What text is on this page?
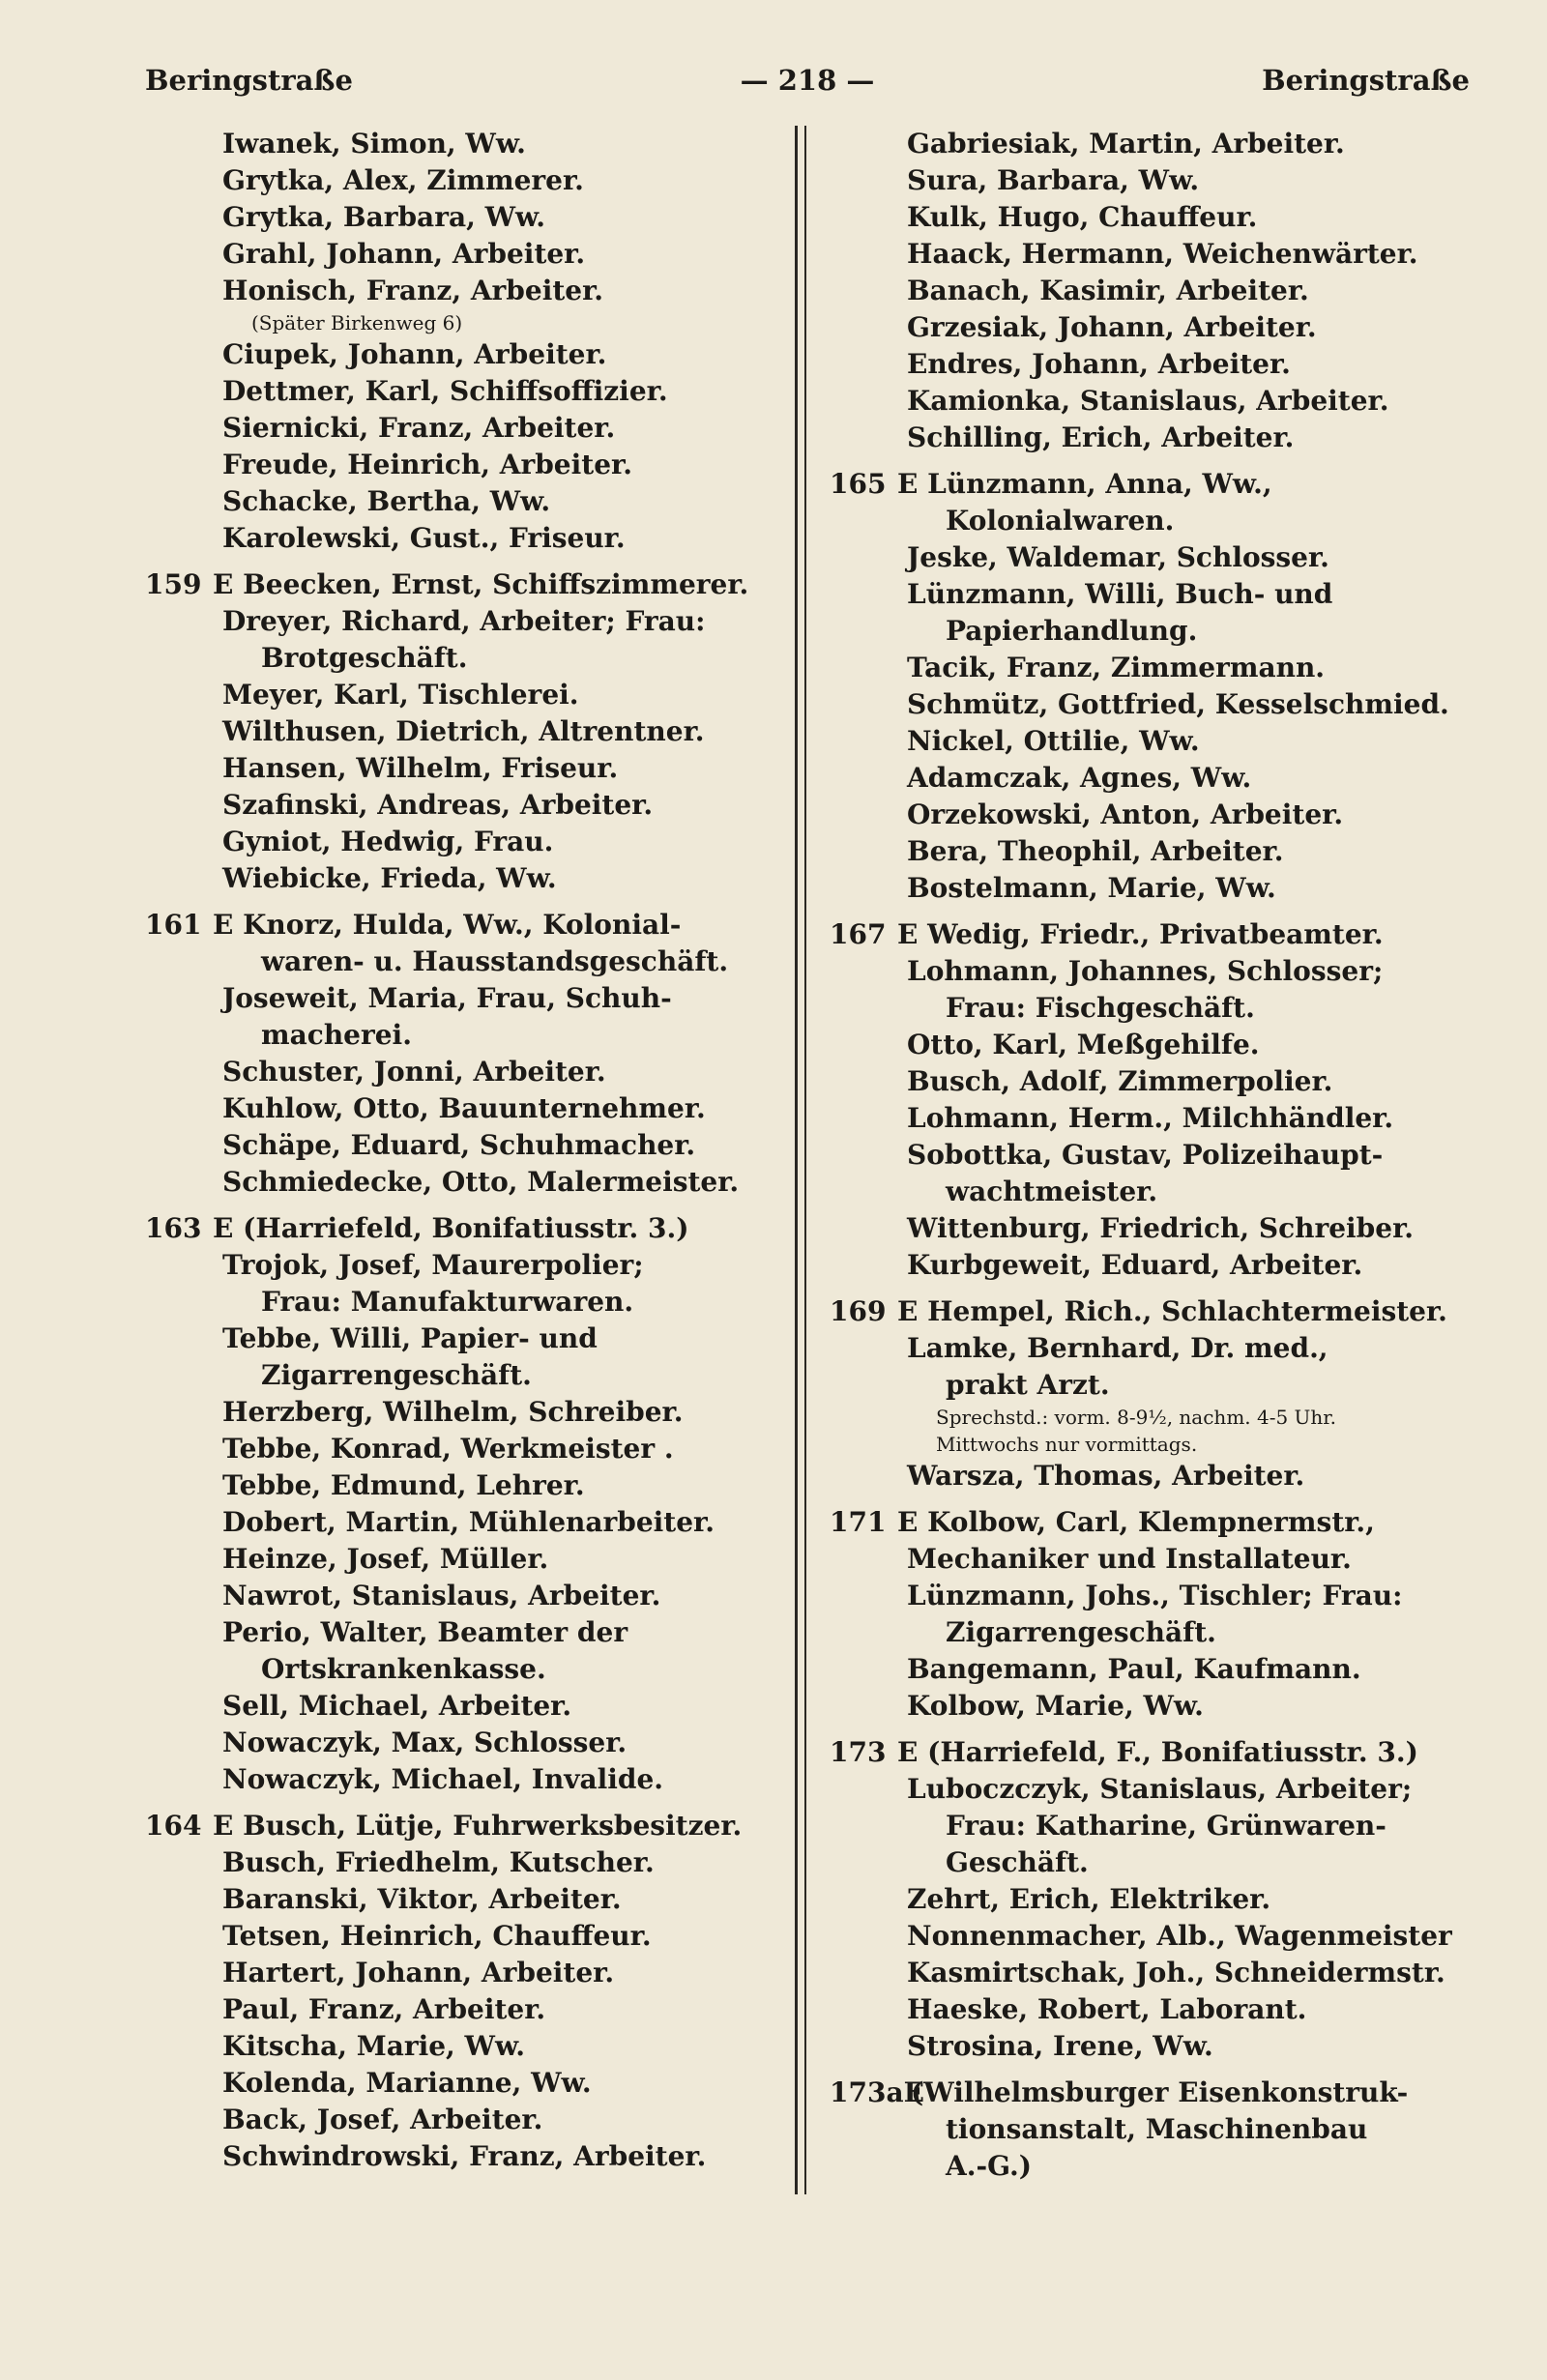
Beringstraße	— 218 —	Beringstraße
Iwanek, Simon, Ww.
Grytka, Alex, Zimmerer.
Grytka, Barbara, Ww.
Grahl, Johann, Arbeiter.
Honisch, Franz, Arbeiter.
(Später Birkenweg 6)
Ciupek, Johann, Arbeiter.
Dettmer, Karl, Schiffsoffizier.
Siernicki, Franz, Arbeiter.
Freude, Heinrich, Arbeiter.
Schacke, Bertha, Ww.
Karolewski, Gust., Friseur.
159 E Beecken, Ernst, Schiffszimmerer.
Dreyer, Richard, Arbeiter; Frau:
Brotgeschäft.
Meyer, Karl, Tischlerei.
Wilthusen, Dietrich, Altrentner.
Hansen, Wilhelm, Friseur.
Szafinski, Andreas, Arbeiter.
Gyniot, Hedwig, Frau.
Wiebicke, Frieda, Ww.
161 E Knorz, Hulda, Ww., Kolonial-
waren- u. Hausstandsgeschäft.
Joseweit, Maria, Frau, Schuh-
macherei.
Schuster, Jonni, Arbeiter.
Kuhlow, Otto, Bauunternehmer.
Schäpe, Eduard, Schuhmacher.
Schmiedecke, Otto, Malermeister.
163 E (Harriefeld, Bonifatiusstr. 3.)
Trojok, Josef, Maurerpolier;
Frau: Manufakturwaren.
Tebbe, Willi, Papier- und
Zigarrengeschäft.
Herzberg, Wilhelm, Schreiber.
Tebbe, Konrad, Werkmeister .
Tebbe, Edmund, Lehrer.
Dobert, Martin, Mühlenarbeiter.
Heinze, Josef, Müller.
Nawrot, Stanislaus, Arbeiter.
Perio, Walter, Beamter der
Ortskrankenkasse.
Sell, Michael, Arbeiter.
Nowaczyk, Max, Schlosser.
Nowaczyk, Michael, Invalide.
164 E Busch, Lütje, Fuhrwerksbesitzer.
Busch, Friedhelm, Kutscher.
Baranski, Viktor, Arbeiter.
Tetsen, Heinrich, Chauffeur.
Hartert, Johann, Arbeiter.
Paul, Franz, Arbeiter.
Kitscha, Marie, Ww.
Kolenda, Marianne, Ww.
Back, Josef, Arbeiter.
Schwindrowski, Franz, Arbeiter.
Gabriesiak, Martin, Arbeiter.
Sura, Barbara, Ww.
Kulk, Hugo, Chauffeur.
Haack, Hermann, Weichenwärter.
Banach, Kasimir, Arbeiter.
Grzesiak, Johann, Arbeiter.
Endres, Johann, Arbeiter.
Kamionka, Stanislaus, Arbeiter.
Schilling, Erich, Arbeiter.
165 E Lünzmann, Anna, Ww.,
Kolonialwaren.
Jeske, Waldemar, Schlosser.
Lünzmann, Willi, Buch- und
Papierhandlung.
Tacik, Franz, Zimmermann.
Schmütz, Gottfried, Kesselschmied.
Nickel, Ottilie, Ww.
Adamczak, Agnes, Ww.
Orzekowski, Anton, Arbeiter.
Bera, Theophil, Arbeiter.
Bostelmann, Marie, Ww.
167 E Wedig, Friedr., Privatbeamter.
Lohmann, Johannes, Schlosser;
Frau: Fischgeschäft.
Otto, Karl, Meßgehilfe.
Busch, Adolf, Zimmerpolier.
Lohmann, Herm., Milchhändler.
Sobottka, Gustav, Polizeihaupt-
wachtmeister.
Wittenburg, Friedrich, Schreiber.
Kurbgeweit, Eduard, Arbeiter.
169 E Hempel, Rich., Schlachtermeister.
Lamke, Bernhard, Dr. med.,
prakt Arzt.
Sprechstd.: vorm. 8-9½, nachm. 4-5 Uhr.
Mittwochs nur vormittags.
Warsza, Thomas, Arbeiter.
171 E Kolbow, Carl, Klempnermstr.,
Mechaniker und Installateur.
Lünzmann, Johs., Tischler; Frau:
Zigarrengeschäft.
Bangemann, Paul, Kaufmann.
Kolbow, Marie, Ww.
173 E (Harriefeld, F., Bonifatiusstr. 3.)
Luboczczyk, Stanislaus, Arbeiter;
Frau: Katharine, Grünwaren-
Geschäft.
Zehrt, Erich, Elektriker.
Nonnenmacher, Alb., Wagenmeister
Kasmirtschak, Joh., Schneidermstr.
Haeske, Robert, Laborant.
Strosina, Irene, Ww.
173aE
(Wilhelmsburger Eisenkonstruk-
tionsanstalt, Maschinenbau
A.-G.)
